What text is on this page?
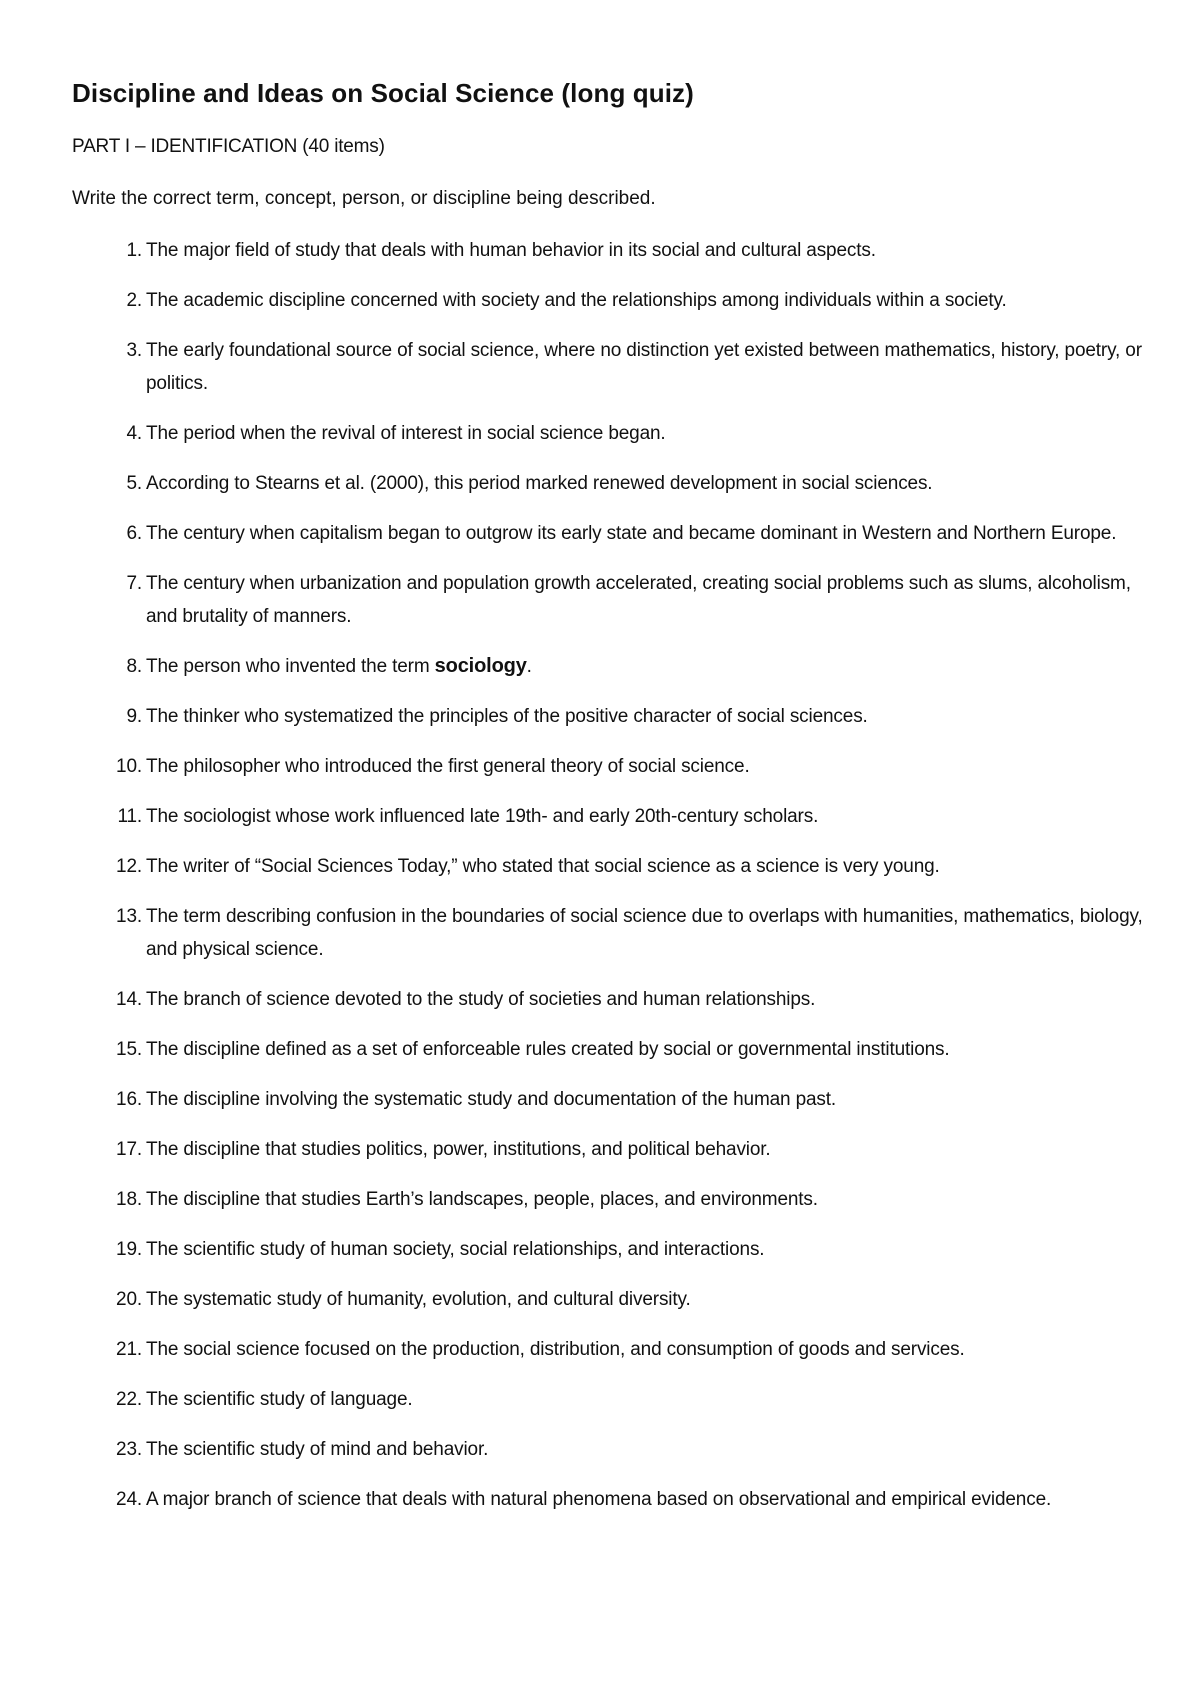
Discipline and Ideas on Social Science (long quiz)
PART I – IDENTIFICATION (40 items)

Write the correct term, concept, person, or discipline being described.

1. The major field of study that deals with human behavior in its social and cultural aspects.
2. The academic discipline concerned with society and the relationships among individuals within a society.
3. The early foundational source of social science, where no distinction yet existed between mathematics, history, poetry, or politics.
4. The period when the revival of interest in social science began.
5. According to Stearns et al. (2000), this period marked renewed development in social sciences.
6. The century when capitalism began to outgrow its early state and became dominant in Western and Northern Europe.
7. The century when urbanization and population growth accelerated, creating social problems such as slums, alcoholism, and brutality of manners.
8. The person who invented the term sociology.
9. The thinker who systematized the principles of the positive character of social sciences.
10. The philosopher who introduced the first general theory of social science.
11. The sociologist whose work influenced late 19th- and early 20th-century scholars.
12. The writer of “Social Sciences Today,” who stated that social science as a science is very young.
13. The term describing confusion in the boundaries of social science due to overlaps with humanities, mathematics, biology, and physical science.
14. The branch of science devoted to the study of societies and human relationships.
15. The discipline defined as a set of enforceable rules created by social or governmental institutions.
16. The discipline involving the systematic study and documentation of the human past.
17. The discipline that studies politics, power, institutions, and political behavior.
18. The discipline that studies Earth’s landscapes, people, places, and environments.
19. The scientific study of human society, social relationships, and interactions.
20. The systematic study of humanity, evolution, and cultural diversity.
21. The social science focused on the production, distribution, and consumption of goods and services.
22. The scientific study of language.
23. The scientific study of mind and behavior.
24. A major branch of science that deals with natural phenomena based on observational and empirical evidence.
